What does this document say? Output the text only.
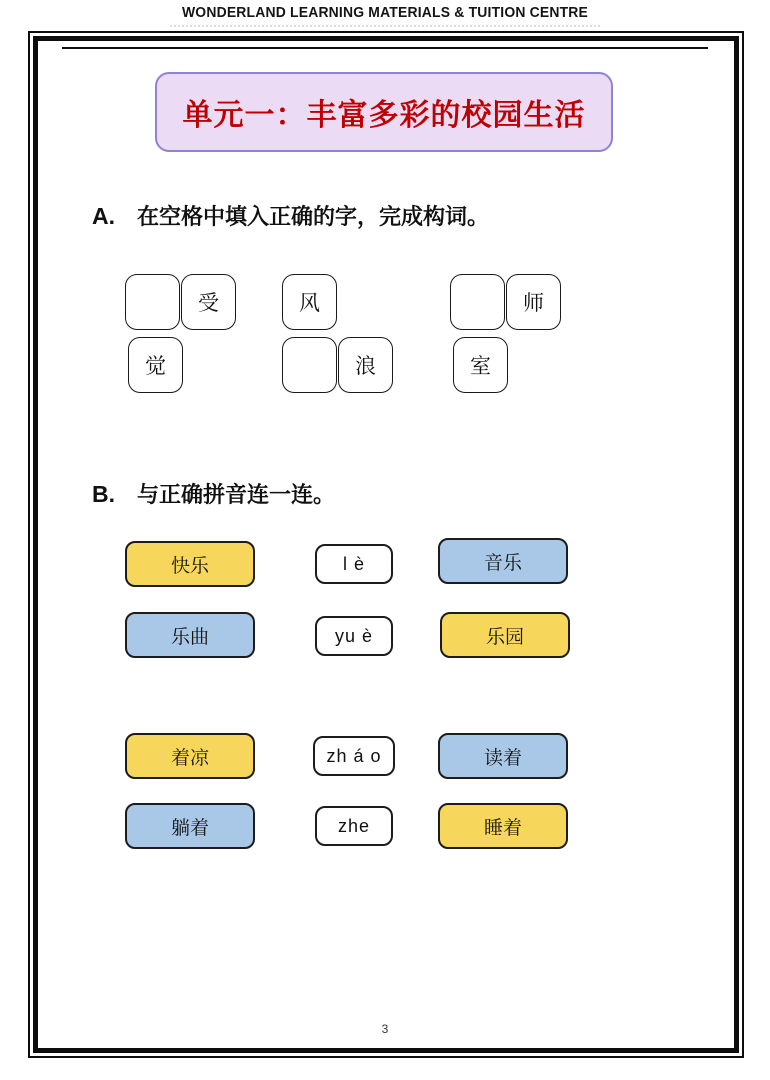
WONDERLAND LEARNING MATERIALS & TUITION CENTRE
单元一：丰富多彩的校园生活
A. 在空格中填入正确的字，完成构词。
受
觉
风
浪
师
室
B. 与正确拼音连一连。
快乐	l è	音乐
乐曲	yu è	乐园
着凉	zh á o	读着
躺着	zhe	睡着
3
